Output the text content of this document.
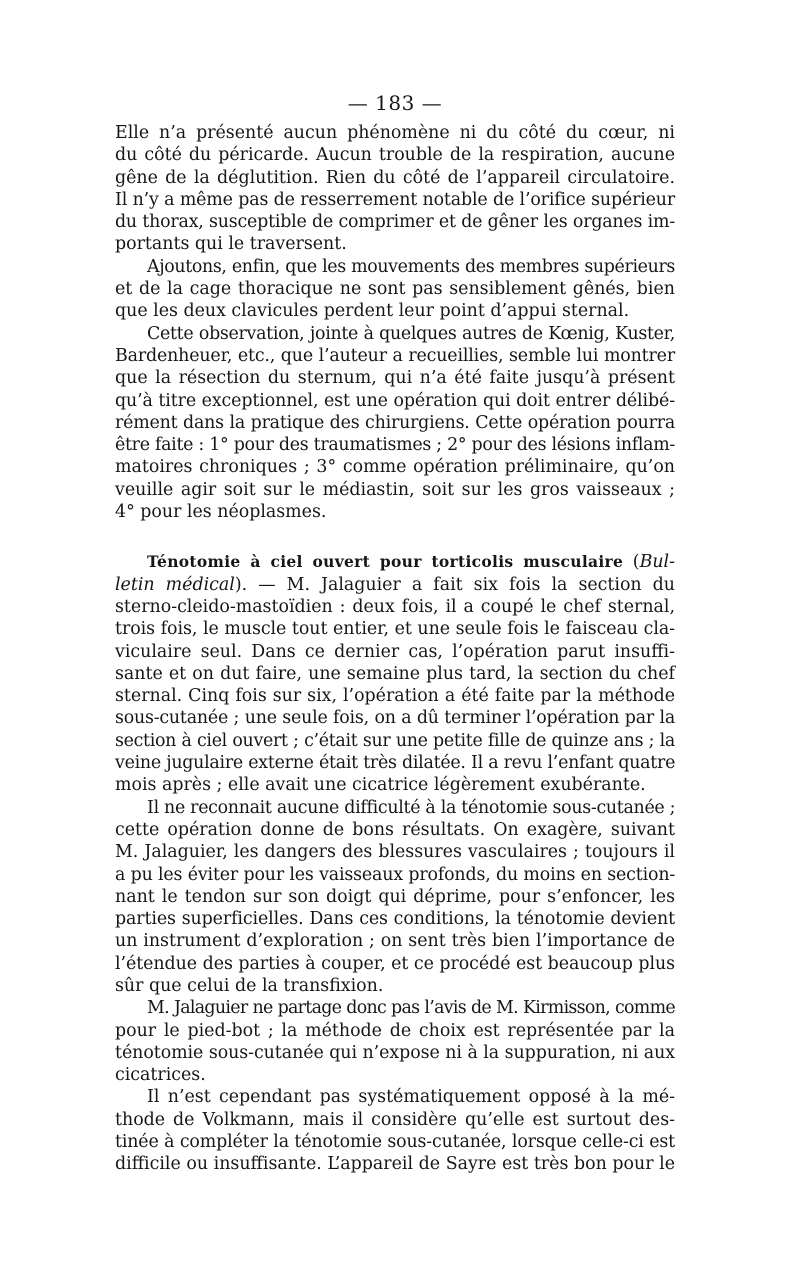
— 183 —
Elle n’a présenté aucun phénomène ni du côté du cœur, ni
du côté du péricarde. Aucun trouble de la respiration, aucune
gêne de la déglutition. Rien du côté de l’appareil circulatoire.
Il n’y a même pas de resserrement notable de l’orifice supérieur
du thorax, susceptible de comprimer et de gêner les organes im-
portants qui le traversent.
Ajoutons, enfin, que les mouvements des membres supérieurs
et de la cage thoracique ne sont pas sensiblement gênés, bien
que les deux clavicules perdent leur point d’appui sternal.
Cette observation, jointe à quelques autres de Kœnig, Kuster,
Bardenheuer, etc., que l’auteur a recueillies, semble lui montrer
que la résection du sternum, qui n’a été faite jusqu’à présent
qu’à titre exceptionnel, est une opération qui doit entrer délibé-
rément dans la pratique des chirurgiens. Cette opération pourra
être faite : 1° pour des traumatismes ; 2° pour des lésions inflam-
matoires chroniques ; 3° comme opération préliminaire, qu’on
veuille agir soit sur le médiastin, soit sur les gros vaisseaux ;
4° pour les néoplasmes.
Ténotomie à ciel ouvert pour torticolis musculaire (Bul-
letin médical). — M. Jalaguier a fait six fois la section du
sterno-cleido-mastoïdien : deux fois, il a coupé le chef sternal,
trois fois, le muscle tout entier, et une seule fois le faisceau cla-
viculaire seul. Dans ce dernier cas, l’opération parut insuffi-
sante et on dut faire, une semaine plus tard, la section du chef
sternal. Cinq fois sur six, l’opération a été faite par la méthode
sous-cutanée ; une seule fois, on a dû terminer l’opération par la
section à ciel ouvert ; c’était sur une petite fille de quinze ans ; la
veine jugulaire externe était très dilatée. Il a revu l’enfant quatre
mois après ; elle avait une cicatrice légèrement exubérante.
Il ne reconnait aucune difficulté à la ténotomie sous-cutanée ;
cette opération donne de bons résultats. On exagère, suivant
M. Jalaguier, les dangers des blessures vasculaires ; toujours il
a pu les éviter pour les vaisseaux profonds, du moins en section-
nant le tendon sur son doigt qui déprime, pour s’enfoncer, les
parties superficielles. Dans ces conditions, la ténotomie devient
un instrument d’exploration ; on sent très bien l’importance de
l’étendue des parties à couper, et ce procédé est beaucoup plus
sûr que celui de la transfixion.
M. Jalaguier ne partage donc pas l’avis de M. Kirmisson, comme
pour le pied-bot ; la méthode de choix est représentée par la
ténotomie sous-cutanée qui n’expose ni à la suppuration, ni aux
cicatrices.
Il n’est cependant pas systématiquement opposé à la mé-
thode de Volkmann, mais il considère qu’elle est surtout des-
tinée à compléter la ténotomie sous-cutanée, lorsque celle-ci est
difficile ou insuffisante. L’appareil de Sayre est très bon pour le
